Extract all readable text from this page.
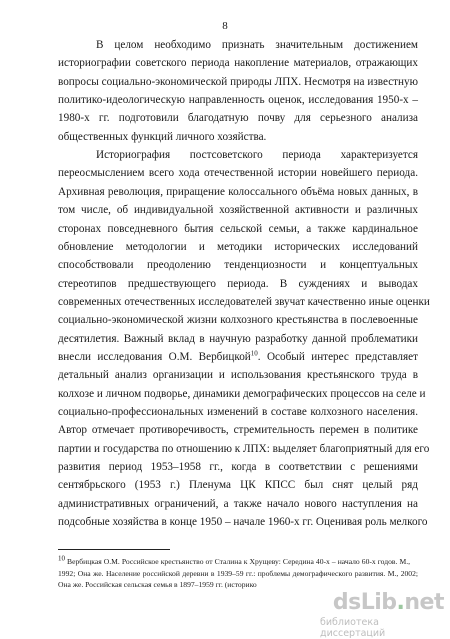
8
В целом необходимо признать значительным достижением
историографии советского периода накопление материалов, отражающих
вопросы социально-экономической природы ЛПХ. Несмотря на известную
политико-идеологическую направленность оценок, исследования 1950-х –
1980-х гг. подготовили благодатную почву для серьезного анализа
общественных функций личного хозяйства.
Историография постсоветского периода характеризуется
переосмыслением всего хода отечественной истории новейшего периода.
Архивная революция, приращение колоссального объёма новых данных, в
том числе, об индивидуальной хозяйственной активности и различных
сторонах повседневного бытия сельской семьи, а также кардинальное
обновление методологии и методики исторических исследований
способствовали преодолению тенденциозности и концептуальных
стереотипов предшествующего периода. В суждениях и выводах
современных отечественных исследователей звучат качественно иные оценки
социально-экономической жизни колхозного крестьянства в послевоенные
десятилетия. Важный вклад в научную разработку данной проблематики
внесли исследования О.М. Вербицкой$^{10}$. Особый интерес представляет
детальный анализ организации и использования крестьянского труда в
колхозе и личном подворье, динамики демографических процессов на селе и
социально-профессиональных изменений в составе колхозного населения.
Автор отмечает противоречивость, стремительность перемен в политике
партии и государства по отношению к ЛПХ: выделяет благоприятный для его
развития период 1953–1958 гг., когда в соответствии с решениями
сентябрьского (1953 г.) Пленума ЦК КПСС был снят целый ряд
административных ограничений, а также начало нового наступления на
подсобные хозяйства в конце 1950 – начале 1960-х гг. Оценивая роль мелкого
$^{10}$ Вербицкая О.М. Российское крестьянство от Сталина к Хрущеву: Середина 40-х – начало 60-х годов. М.,
1992; Она же. Население российской деревни в 1939–59 гг.: проблемы демографического развития. М., 2002;
Она же. Российская сельская семья в 1897–1959 гг. (историко
dsLib.net
библиотека диссертаций
